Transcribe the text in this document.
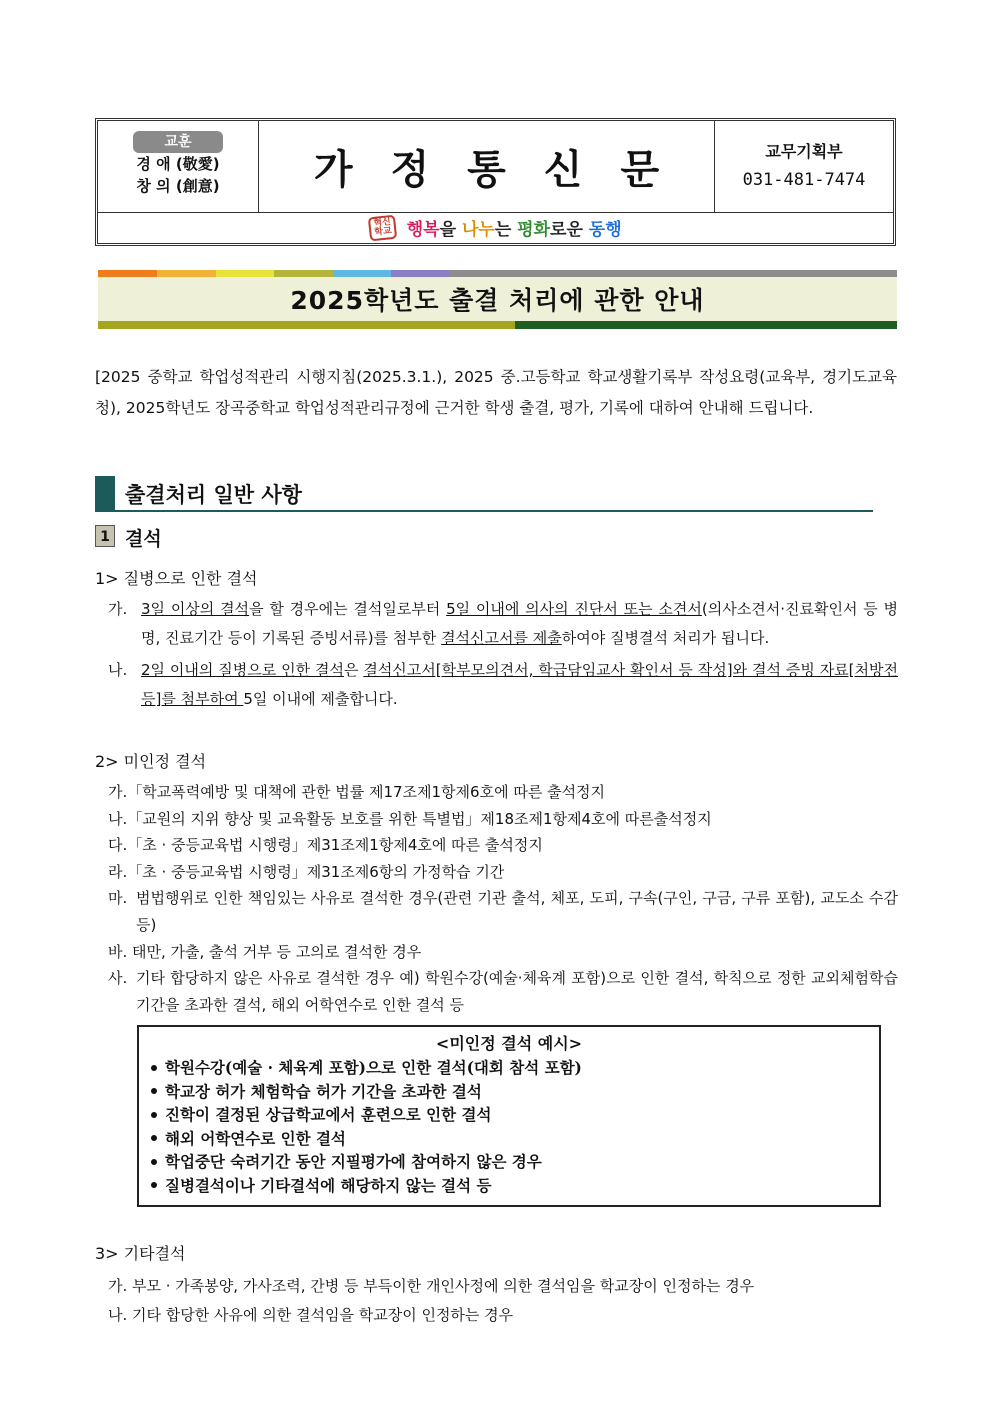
교훈
경 애 (敬愛)
창 의 (創意)	가정통신문	교무기획부
031-481-7474
혁신
학교 행복 을 나누 는 평화 로운 동행
2025학년도 출결 처리에 관한 안내
[2025 중학교 학업성적관리 시행지침(2025.3.1.), 2025 중.고등학교 학교생활기록부 작성요령(교육부, 경기도교육청), 2025학년도 장곡중학교 학업성적관리규정에 근거한 학생 출결, 평가, 기록에 대하여 안내해 드립니다.
출결처리 일반 사항
1 결석
1> 질병으로 인한 결석
가. 3일 이상의 결석을 할 경우에는 결석일로부터 5일 이내에 의사의 진단서 또는 소견서(의사소견서·진료확인서 등 병명, 진료기간 등이 기록된 증빙서류)를 첨부한 결석신고서를 제출하여야 질병결석 처리가 됩니다.
나. 2일 이내의 질병으로 인한 결석은 결석신고서[학부모의견서, 학급담임교사 확인서 등 작성]와 결석 증빙 자료[처방전 등]를 첨부하여 5일 이내에 제출합니다.
2> 미인정 결석
가.「학교폭력예방 및 대책에 관한 법률 제17조제1항제6호에 따른 출석정지
나.「교원의 지위 향상 및 교육활동 보호를 위한 특별법」제18조제1항제4호에 따른출석정지
다.「초 · 중등교육법 시행령」제31조제1항제4호에 따른 출석정지
라.「초 · 중등교육법 시행령」제31조제6항의 가정학습 기간
마. 범법행위로 인한 책임있는 사유로 결석한 경우(관련 기관 출석, 체포, 도피, 구속(구인, 구금, 구류 포함), 교도소 수감 등)
바. 태만, 가출, 출석 거부 등 고의로 결석한 경우
사. 기타 합당하지 않은 사유로 결석한 경우 예) 학원수강(예술·체육계 포함)으로 인한 결석, 학칙으로 정한 교외체험학습 기간을 초과한 결석, 해외 어학연수로 인한 결석 등
<미인정 결석 예시>
학원수강(예술 · 체육계 포함)으로 인한 결석(대회 참석 포함)
학교장 허가 체험학습 허가 기간을 초과한 결석
진학이 결정된 상급학교에서 훈련으로 인한 결석
해외 어학연수로 인한 결석
학업중단 숙려기간 동안 지필평가에 참여하지 않은 경우
질병결석이나 기타결석에 해당하지 않는 결석 등
3> 기타결석
가. 부모 · 가족봉양, 가사조력, 간병 등 부득이한 개인사정에 의한 결석임을 학교장이 인정하는 경우
나. 기타 합당한 사유에 의한 결석임을 학교장이 인정하는 경우
